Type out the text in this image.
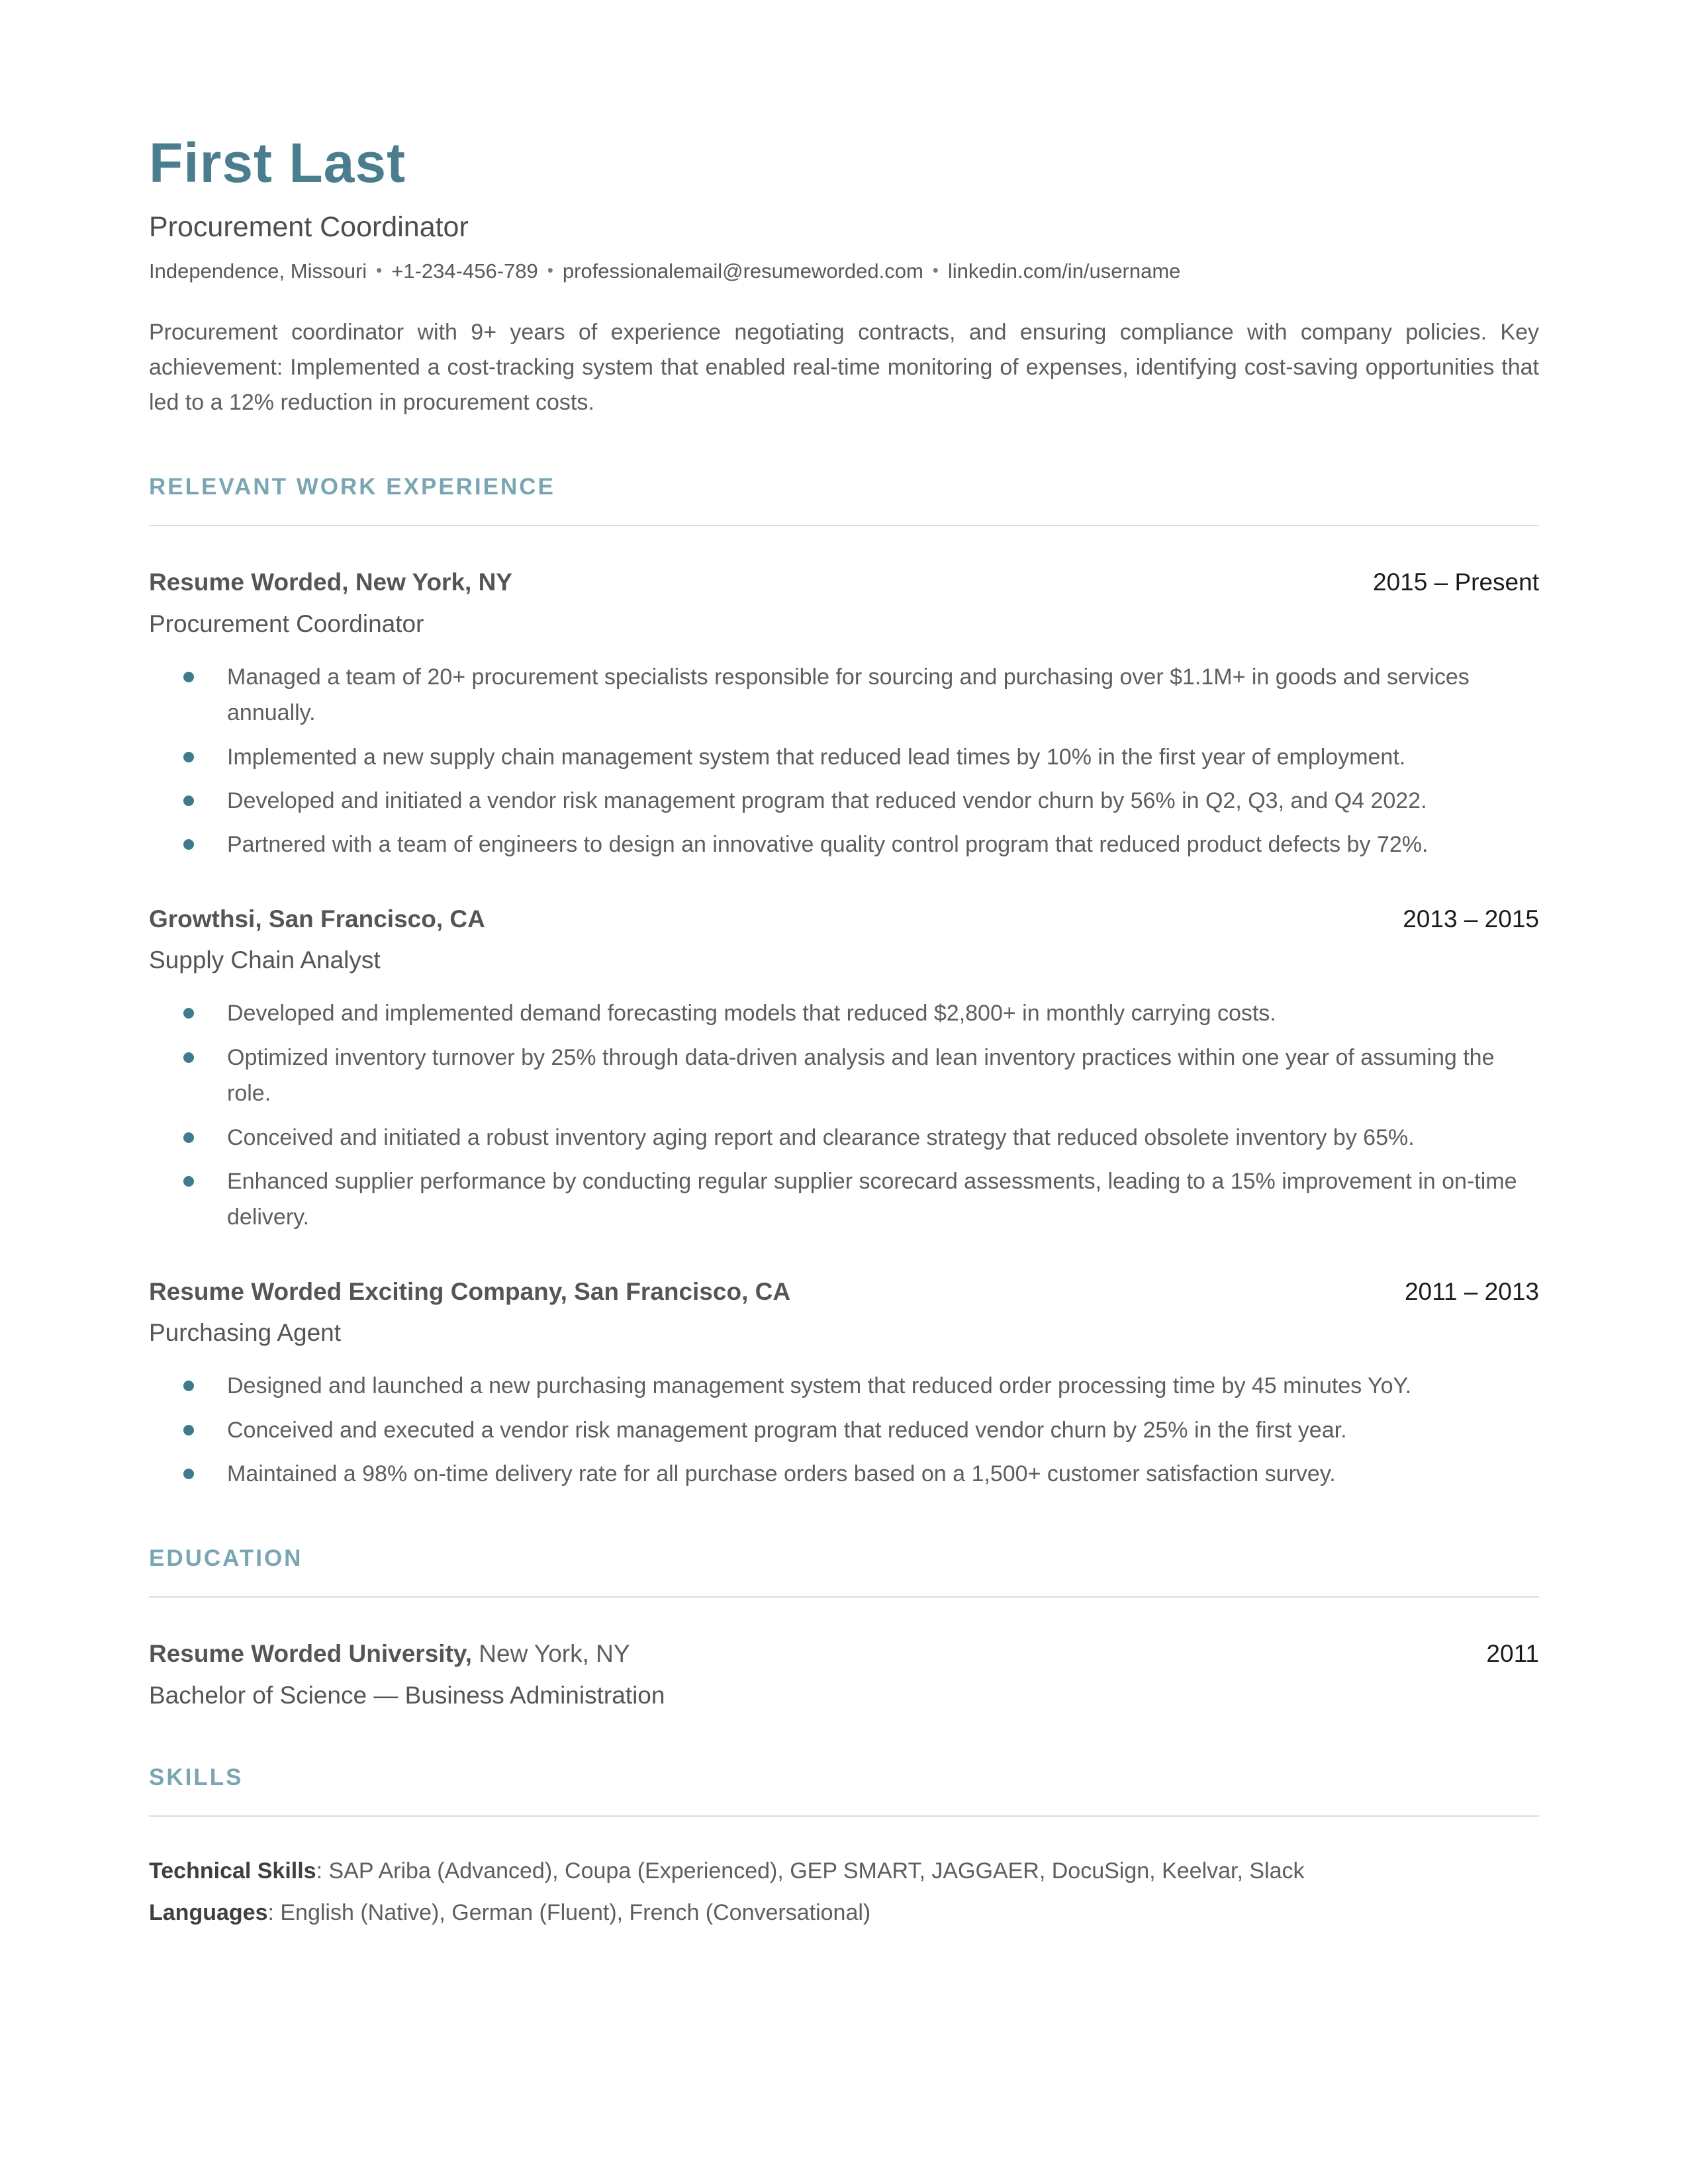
First Last
Procurement Coordinator
Independence, Missouri • +1-234-456-789 • professionalemail@resumeworded.com • linkedin.com/in/username

Procurement coordinator with 9+ years of experience negotiating contracts, and ensuring compliance with company policies. Key achievement: Implemented a cost-tracking system that enabled real-time monitoring of expenses, identifying cost-saving opportunities that led to a 12% reduction in procurement costs.

RELEVANT WORK EXPERIENCE
Resume Worded, New York, NY	2015 – Present
Procurement Coordinator
Managed a team of 20+ procurement specialists responsible for sourcing and purchasing over $1.1M+ in goods and services annually.
Implemented a new supply chain management system that reduced lead times by 10% in the first year of employment.
Developed and initiated a vendor risk management program that reduced vendor churn by 56% in Q2, Q3, and Q4 2022.
Partnered with a team of engineers to design an innovative quality control program that reduced product defects by 72%.
Growthsi, San Francisco, CA	2013 – 2015
Supply Chain Analyst
Developed and implemented demand forecasting models that reduced $2,800+ in monthly carrying costs.
Optimized inventory turnover by 25% through data-driven analysis and lean inventory practices within one year of assuming the role.
Conceived and initiated a robust inventory aging report and clearance strategy that reduced obsolete inventory by 65%.
Enhanced supplier performance by conducting regular supplier scorecard assessments, leading to a 15% improvement in on-time delivery.
Resume Worded Exciting Company, San Francisco, CA	2011 – 2013
Purchasing Agent
Designed and launched a new purchasing management system that reduced order processing time by 45 minutes YoY.
Conceived and executed a vendor risk management program that reduced vendor churn by 25% in the first year.
Maintained a 98% on-time delivery rate for all purchase orders based on a 1,500+ customer satisfaction survey.
EDUCATION
Resume Worded University, New York, NY	2011
Bachelor of Science — Business Administration
SKILLS

Technical Skills: SAP Ariba (Advanced), Coupa (Experienced), GEP SMART, JAGGAER, DocuSign, Keelvar, Slack

Languages: English (Native), German (Fluent), French (Conversational)
